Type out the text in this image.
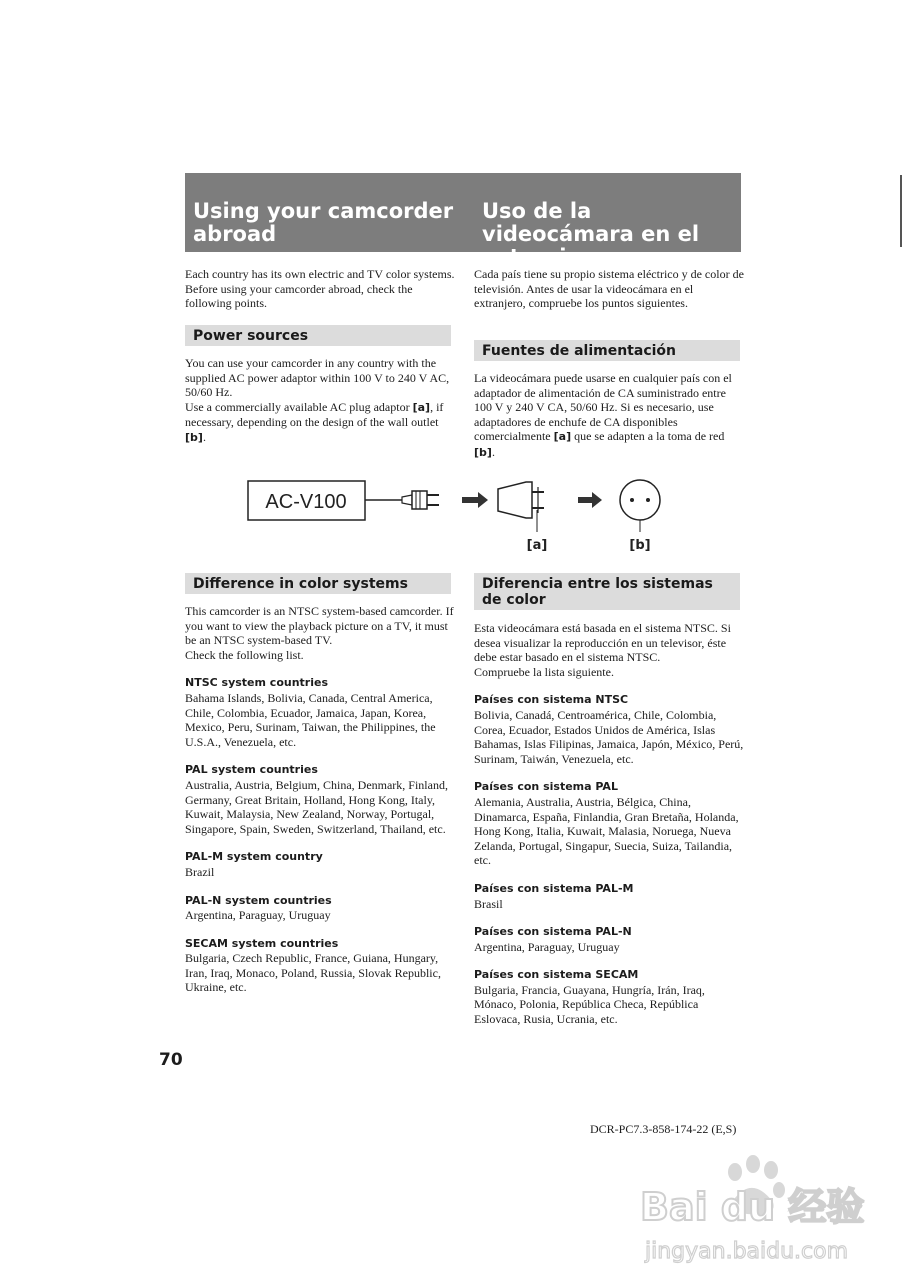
Using your camcorder abroad
Uso de la videocámara en el extranjero

Each country has its own electric and TV color systems. Before using your camcorder abroad, check the following points.

Power sources

You can use your camcorder in any country with the supplied AC power adaptor within 100 V to 240 V AC, 50/60 Hz.

Use a commercially available AC plug adaptor [a], if necessary, depending on the design of the wall outlet [b].

Cada país tiene su propio sistema eléctrico y de color de televisión. Antes de usar la videocámara en el extranjero, compruebe los puntos siguientes.

Fuentes de alimentación

La videocámara puede usarse en cualquier país con el adaptador de alimentación de CA suministrado entre 100 V y 240 V CA, 50/60 Hz. Si es necesario, use adaptadores de enchufe de CA disponibles comercialmente [a] que se adapten a la toma de red [b].

AC-V100
[a]	[b]
Difference in color systems

This camcorder is an NTSC system-based camcorder. If you want to view the playback picture on a TV, it must be an NTSC system-based TV.

Check the following list.

NTSC system countries

Bahama Islands, Bolivia, Canada, Central America, Chile, Colombia, Ecuador, Jamaica, Japan, Korea, Mexico, Peru, Surinam, Taiwan, the Philippines, the U.S.A., Venezuela, etc.

PAL system countries

Australia, Austria, Belgium, China, Denmark, Finland, Germany, Great Britain, Holland, Hong Kong, Italy, Kuwait, Malaysia, New Zealand, Norway, Portugal, Singapore, Spain, Sweden, Switzerland, Thailand, etc.

PAL-M system country

Brazil

PAL-N system countries

Argentina, Paraguay, Uruguay

SECAM system countries

Bulgaria, Czech Republic, France, Guiana, Hungary, Iran, Iraq, Monaco, Poland, Russia, Slovak Republic, Ukraine, etc.

Diferencia entre los sistemas de color

Esta videocámara está basada en el sistema NTSC. Si desea visualizar la reproducción en un televisor, éste debe estar basado en el sistema NTSC.

Compruebe la lista siguiente.

Países con sistema NTSC

Bolivia, Canadá, Centroamérica, Chile, Colombia, Corea, Ecuador, Estados Unidos de América, Islas Bahamas, Islas Filipinas, Jamaica, Japón, México, Perú, Surinam, Taiwán, Venezuela, etc.

Países con sistema PAL

Alemania, Australia, Austria, Bélgica, China, Dinamarca, España, Finlandia, Gran Bretaña, Holanda, Hong Kong, Italia, Kuwait, Malasia, Noruega, Nueva Zelanda, Portugal, Singapur, Suecia, Suiza, Tailandia, etc.

Países con sistema PAL-M

Brasil

Países con sistema PAL-N

Argentina, Paraguay, Uruguay

Países con sistema SECAM

Bulgaria, Francia, Guayana, Hungría, Irán, Iraq, Mónaco, Polonia, República Checa, República Eslovaca, Rusia, Ucrania, etc.

70

DCR-PC7.3-858-174-22 (E,S)

Bai du 经验
jingyan.baidu.com
